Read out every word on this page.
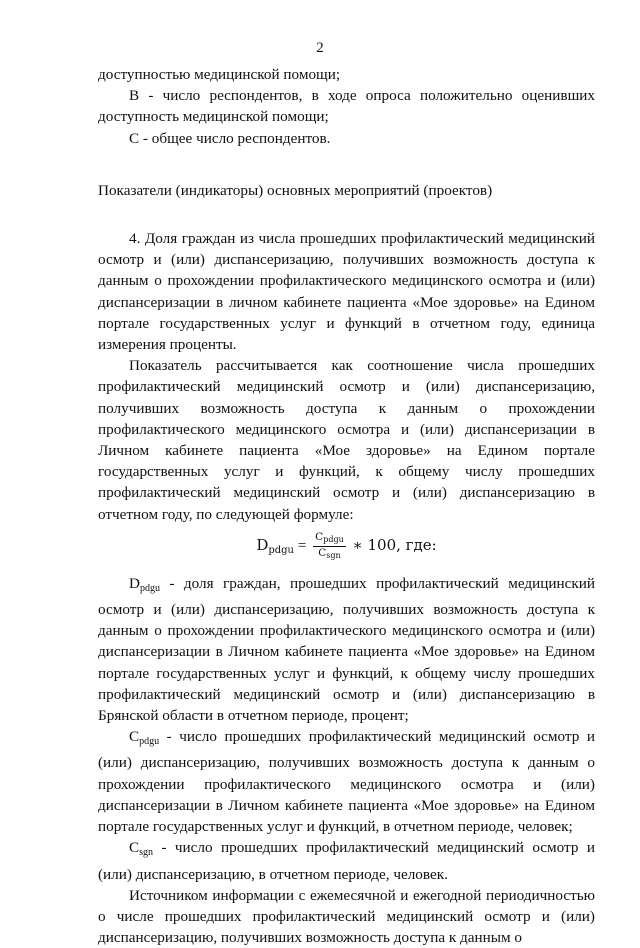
2

доступностью медицинской помощи;

В - число респондентов, в ходе опроса положительно оценивших доступность медицинской помощи;

С - общее число респондентов.

Показатели (индикаторы) основных мероприятий (проектов)

4. Доля граждан из числа прошедших профилактический медицинский осмотр и (или) диспансеризацию, получивших возможность доступа к данным о прохождении профилактического медицинского осмотра и (или) диспансеризации в личном кабинете пациента «Мое здоровье» на Едином портале государственных услуг и функций в отчетном году, единица измерения проценты.

Показатель рассчитывается как соотношение числа прошедших профилактический медицинский осмотр и (или) диспансеризацию, получивших возможность доступа к данным о прохождении профилактического медицинского осмотра и (или) диспансеризации в Личном кабинете пациента «Мое здоровье» на Едином портале государственных услуг и функций, к общему числу прошедших профилактический медицинский осмотр и (или) диспансеризацию в отчетном году, по следующей формуле:

$D_{pdgu} = \frac{\text{Cpdgu}}{\text{Csgn}}$ ∗ 100, где:

$D_{pdgu}$ - доля граждан, прошедших профилактический медицинский осмотр и (или) диспансеризацию, получивших возможность доступа к данным о прохождении профилактического медицинского осмотра и (или) диспансеризации в Личном кабинете пациента «Мое здоровье» на Едином портале государственных услуг и функций, к общему числу прошедших профилактический медицинский осмотр и (или) диспансеризацию в Брянской области в отчетном периоде, процент;

$C_{pdgu}$ - число прошедших профилактический медицинский осмотр и (или) диспансеризацию, получивших возможность доступа к данным о прохождении профилактического медицинского осмотра и (или) диспансеризации в Личном кабинете пациента «Мое здоровье» на Едином портале государственных услуг и функций, в отчетном периоде, человек;

$C_{sgn}$ - число прошедших профилактический медицинский осмотр и (или) диспансеризацию, в отчетном периоде, человек.

Источником информации с ежемесячной и ежегодной периодичностью о числе прошедших профилактический медицинский осмотр и (или) диспансеризацию, получивших возможность доступа к данным о
